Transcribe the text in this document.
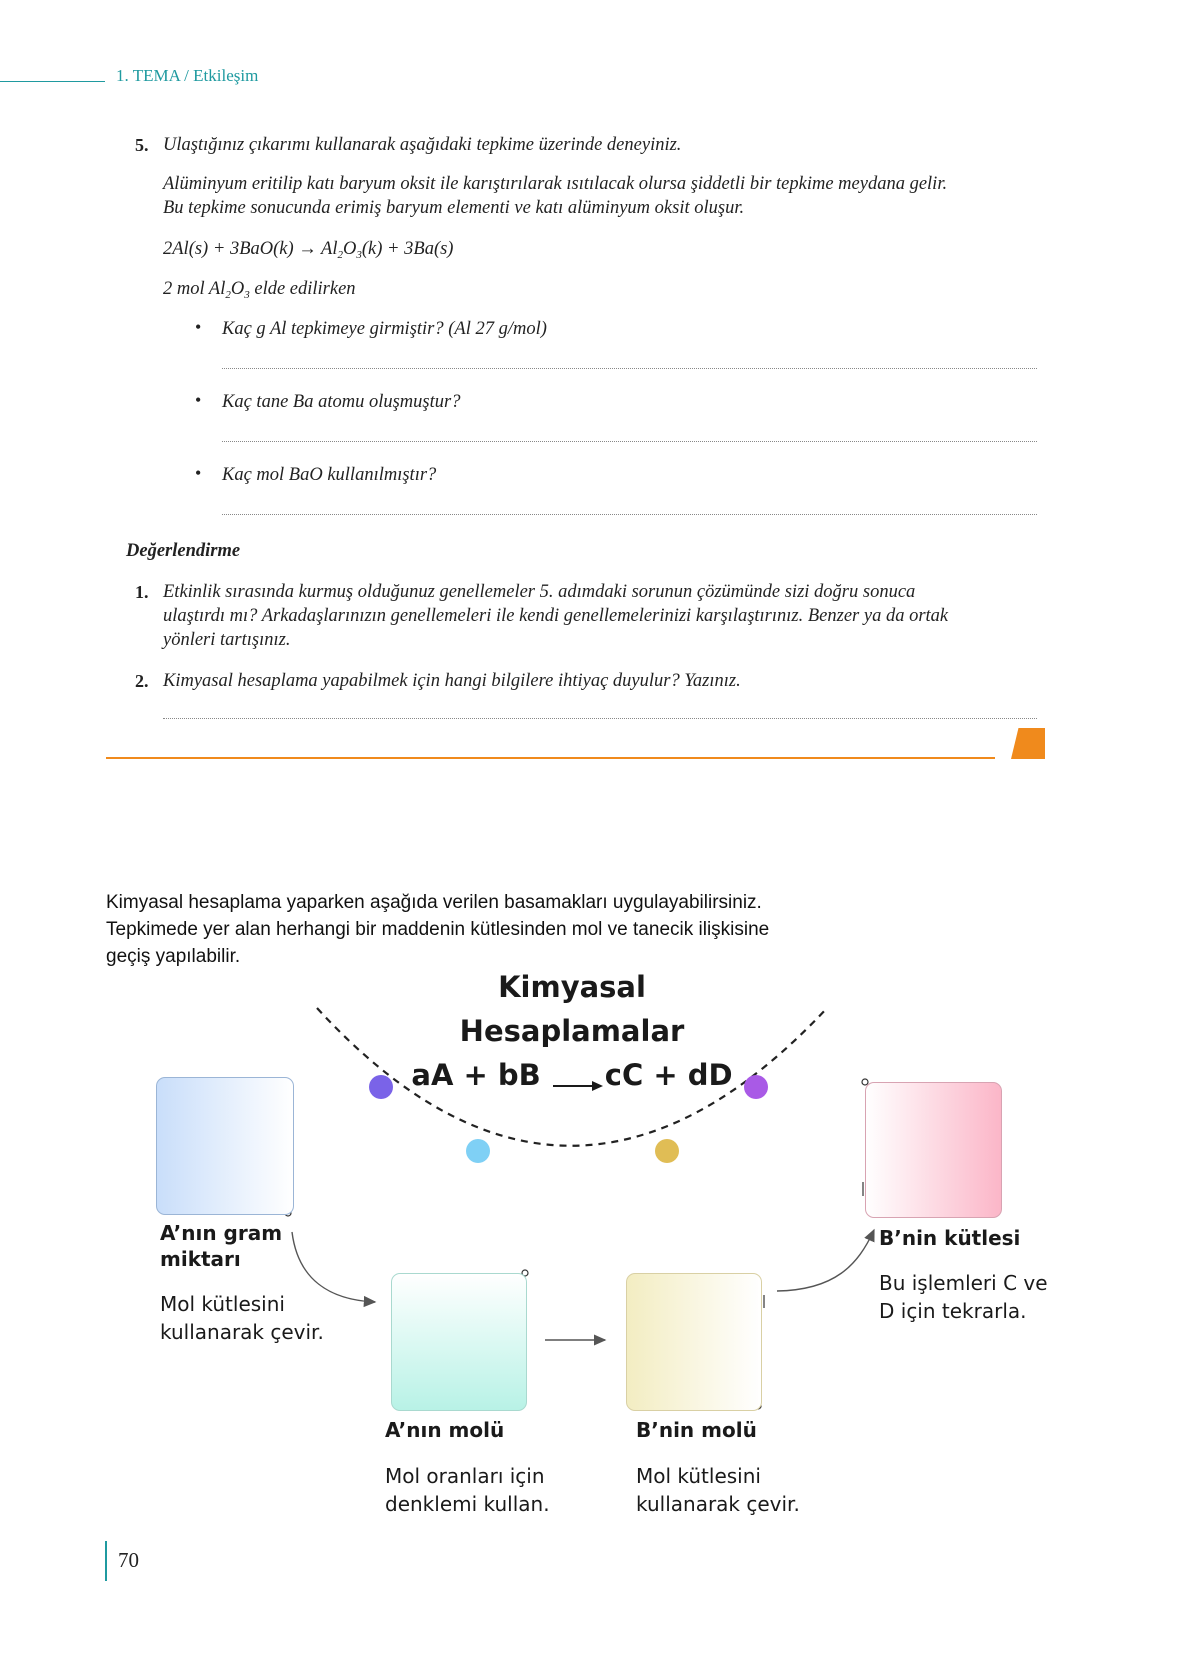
1. TEMA / Etkileşim
5. Ulaştığınız çıkarımı kullanarak aşağıdaki tepkime üzerinde deneyiniz.
Alüminyum eritilip katı baryum oksit ile karıştırılarak ısıtılacak olursa şiddetli bir tepkime meydana gelir.
Bu tepkime sonucunda erimiş baryum elementi ve katı alüminyum oksit oluşur.
$2Al(s) + 3BaO(k) \to Al_2O_3(k) + 3Ba(s)$
2 mol $Al_2O_3$ elde edilirken
• Kaç g Al tepkimeye girmiştir? (Al 27 g/mol)
• Kaç tane Ba atomu oluşmuştur?
• Kaç mol BaO kullanılmıştır?
Değerlendirme
1. Etkinlik sırasında kurmuş olduğunuz genellemeler 5. adımdaki sorunun çözümünde sizi doğru sonuca
ulaştırdı mı? Arkadaşlarınızın genellemeleri ile kendi genellemelerinizi karşılaştırınız. Benzer ya da ortak
yönleri tartışınız.
2. Kimyasal hesaplama yapabilmek için hangi bilgilere ihtiyaç duyulur? Yazınız.
Kimyasal hesaplama yaparken aşağıda verilen basamakları uygulayabilirsiniz.
Tepkimede yer alan herhangi bir maddenin kütlesinden mol ve tanecik ilişkisine
geçiş yapılabilir.
Kimyasal
Hesaplamalar
aA + bB cC + dD
A’nın gram
miktarı
Mol kütlesini
kullanarak çevir.
A’nın molü
Mol oranları için
denklemi kullan.
B’nin molü
Mol kütlesini
kullanarak çevir.
B’nin kütlesi
Bu işlemleri C ve
D için tekrarla.
70
